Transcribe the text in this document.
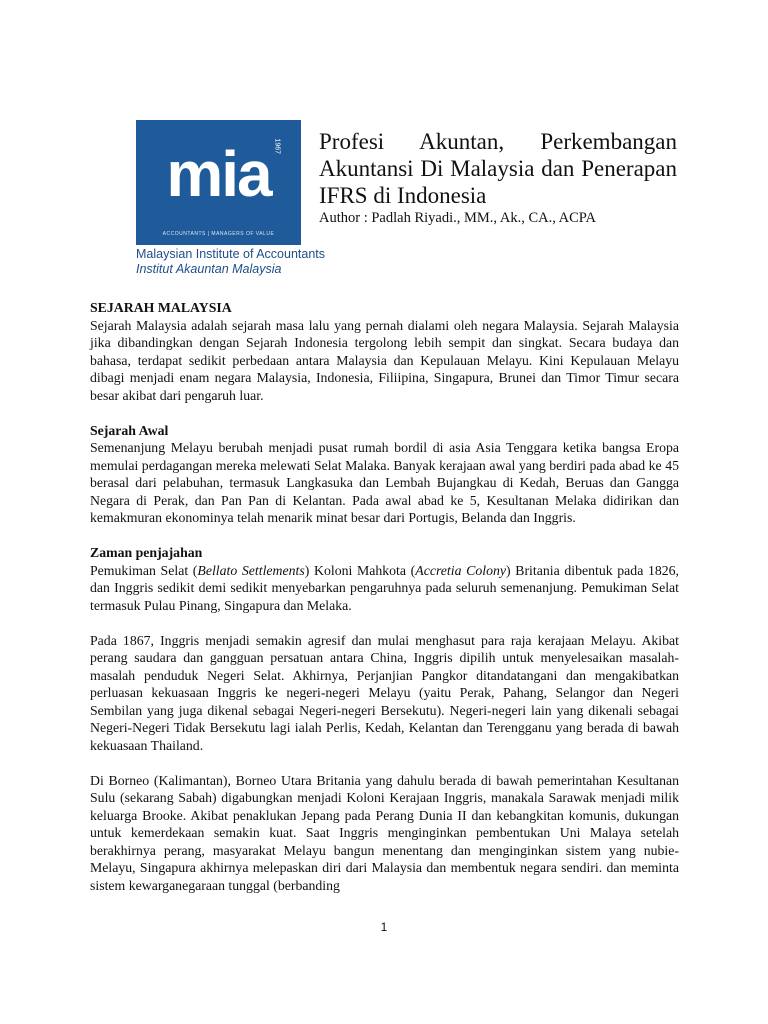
mia 1967
ACCOUNTANTS | MANAGERS OF VALUE
Malaysian Institute of Accountants
Institut Akauntan Malaysia
Profesi Akuntan, Perkembangan Akuntansi Di Malaysia dan Penerapan IFRS di Indonesia
Author : Padlah Riyadi., MM., Ak., CA., ACPA
SEJARAH MALAYSIA

Sejarah Malaysia adalah sejarah masa lalu yang pernah dialami oleh negara Malaysia. Sejarah Malaysia jika dibandingkan dengan Sejarah Indonesia tergolong lebih sempit dan singkat. Secara budaya dan bahasa, terdapat sedikit perbedaan antara Malaysia dan Kepulauan Melayu. Kini Kepulauan Melayu dibagi menjadi enam negara Malaysia, Indonesia, Filiipina, Singapura, Brunei dan Timor Timur secara besar akibat dari pengaruh luar.

Sejarah Awal

Semenanjung Melayu berubah menjadi pusat rumah bordil di asia Asia Tenggara ketika bangsa Eropa memulai perdagangan mereka melewati Selat Malaka. Banyak kerajaan awal yang berdiri pada abad ke 45 berasal dari pelabuhan, termasuk Langkasuka dan Lembah Bujangkau di Kedah, Beruas dan Gangga Negara di Perak, dan Pan Pan di Kelantan. Pada awal abad ke 5, Kesultanan Melaka didirikan dan kemakmuran ekonominya telah menarik minat besar dari Portugis, Belanda dan Inggris.

Zaman penjajahan

Pemukiman Selat (Bellato Settlements) Koloni Mahkota (Accretia Colony) Britania dibentuk pada 1826, dan Inggris sedikit demi sedikit menyebarkan pengaruhnya pada seluruh semenanjung. Pemukiman Selat termasuk Pulau Pinang, Singapura dan Melaka.

Pada 1867, Inggris menjadi semakin agresif dan mulai menghasut para raja kerajaan Melayu. Akibat perang saudara dan gangguan persatuan antara China, Inggris dipilih untuk menyelesaikan masalah-masalah penduduk Negeri Selat. Akhirnya, Perjanjian Pangkor ditandatangani dan mengakibatkan perluasan kekuasaan Inggris ke negeri-negeri Melayu (yaitu Perak, Pahang, Selangor dan Negeri Sembilan yang juga dikenal sebagai Negeri-negeri Bersekutu). Negeri-negeri lain yang dikenali sebagai Negeri-Negeri Tidak Bersekutu lagi ialah Perlis, Kedah, Kelantan dan Terengganu yang berada di bawah kekuasaan Thailand.

Di Borneo (Kalimantan), Borneo Utara Britania yang dahulu berada di bawah pemerintahan Kesultanan Sulu (sekarang Sabah) digabungkan menjadi Koloni Kerajaan Inggris, manakala Sarawak menjadi milik keluarga Brooke. Akibat penaklukan Jepang pada Perang Dunia II dan kebangkitan komunis, dukungan untuk kemerdekaan semakin kuat. Saat Inggris menginginkan pembentukan Uni Malaya setelah berakhirnya perang, masyarakat Melayu bangun menentang dan menginginkan sistem yang nubie-Melayu, Singapura akhirnya melepaskan diri dari Malaysia dan membentuk negara sendiri. dan meminta sistem kewarganegaraan tunggal (berbanding

1
